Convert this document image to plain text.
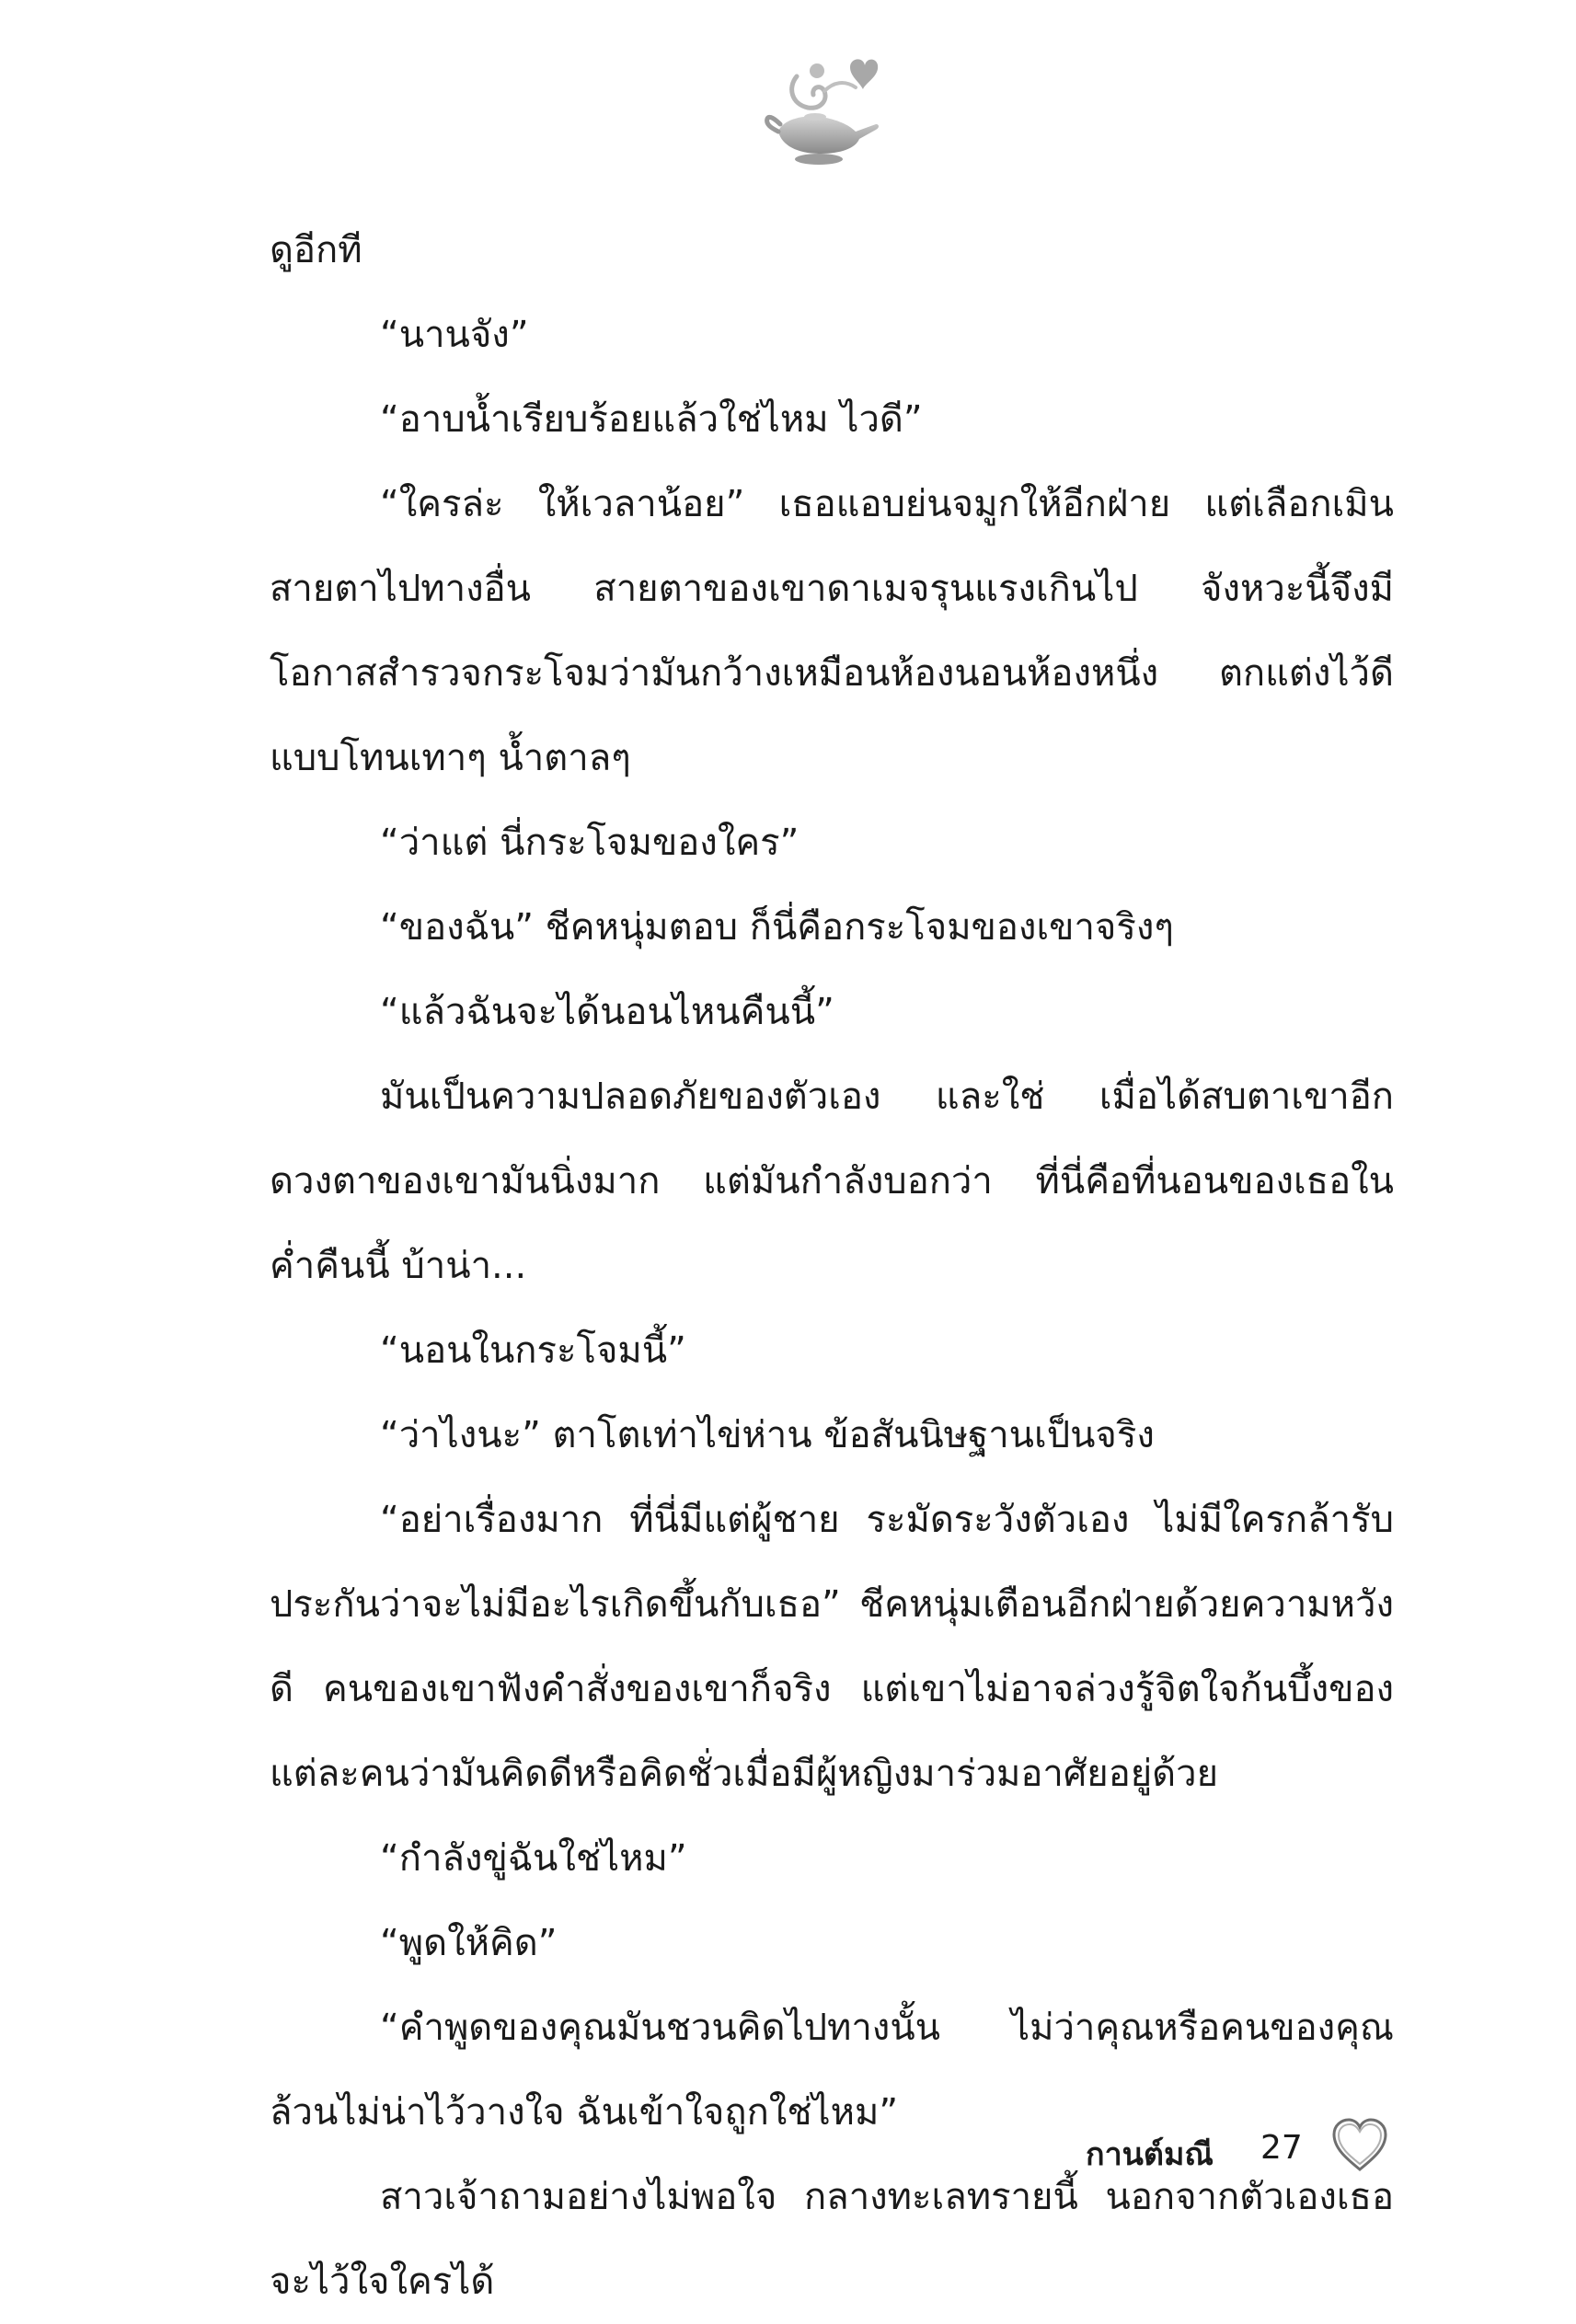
ดูอีกที

“นานจัง”

“อาบน้ำเรียบร้อยแล้วใช่ไหม ไวดี”

“ใครล่ะ ให้เวลาน้อย” เธอแอบย่นจมูกให้อีกฝ่าย แต่เลือกเมินสายตาไปทางอื่น สายตาของเขาดาเมจรุนแรงเกินไป จังหวะนี้จึงมีโอกาสสำรวจกระโจมว่ามันกว้างเหมือนห้องนอนห้องหนึ่ง ตกแต่งไว้ดีแบบโทนเทาๆ น้ำตาลๆ

“ว่าแต่ นี่กระโจมของใคร”

“ของฉัน” ชีคหนุ่มตอบ ก็นี่คือกระโจมของเขาจริงๆ

“แล้วฉันจะได้นอนไหนคืนนี้”

มันเป็นความปลอดภัยของตัวเอง และใช่ เมื่อได้สบตาเขาอีกดวงตาของเขามันนิ่งมาก แต่มันกำลังบอกว่า ที่นี่คือที่นอนของเธอในค่ำคืนนี้ บ้าน่า...

“นอนในกระโจมนี้”

“ว่าไงนะ” ตาโตเท่าไข่ห่าน ข้อสันนิษฐานเป็นจริง

“อย่าเรื่องมาก ที่นี่มีแต่ผู้ชาย ระมัดระวังตัวเอง ไม่มีใครกล้ารับประกันว่าจะไม่มีอะไรเกิดขึ้นกับเธอ” ชีคหนุ่มเตือนอีกฝ่ายด้วยความหวังดี คนของเขาฟังคำสั่งของเขาก็จริง แต่เขาไม่อาจล่วงรู้จิตใจก้นบึ้งของแต่ละคนว่ามันคิดดีหรือคิดชั่วเมื่อมีผู้หญิงมาร่วมอาศัยอยู่ด้วย

“กำลังขู่ฉันใช่ไหม”

“พูดให้คิด”

“คำพูดของคุณมันชวนคิดไปทางนั้น ไม่ว่าคุณหรือคนของคุณล้วนไม่น่าไว้วางใจ ฉันเข้าใจถูกใช่ไหม”

สาวเจ้าถามอย่างไม่พอใจ กลางทะเลทรายนี้ นอกจากตัวเองเธอจะไว้ใจใครได้

กานต์มณี 27
